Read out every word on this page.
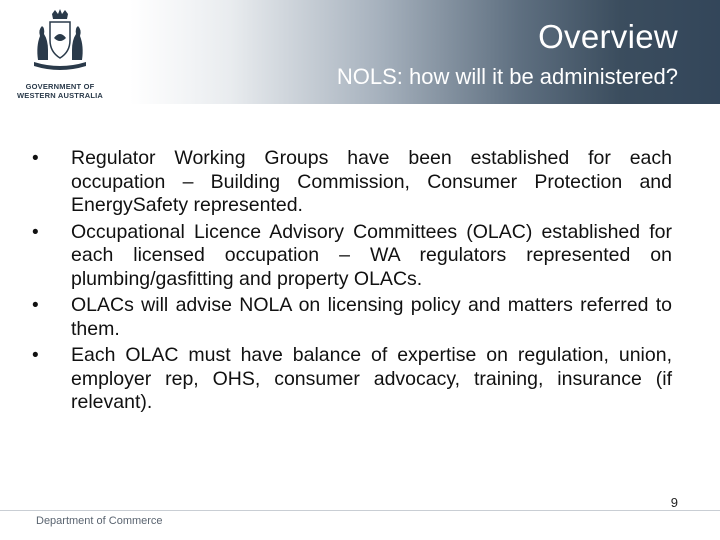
GOVERNMENT OF
WESTERN AUSTRALIA
Overview
NOLS: how will it be administered?
• Regulator Working Groups have been established for each occupation – Building Commission, Consumer Protection and EnergySafety represented.
• Occupational Licence Advisory Committees (OLAC) established for each licensed occupation – WA regulators represented on plumbing/gasfitting and property OLACs.
• OLACs will advise NOLA on licensing policy and matters referred to them.
• Each OLAC must have balance of expertise on regulation, union, employer rep, OHS, consumer advocacy, training, insurance (if relevant).
9
Department of Commerce
